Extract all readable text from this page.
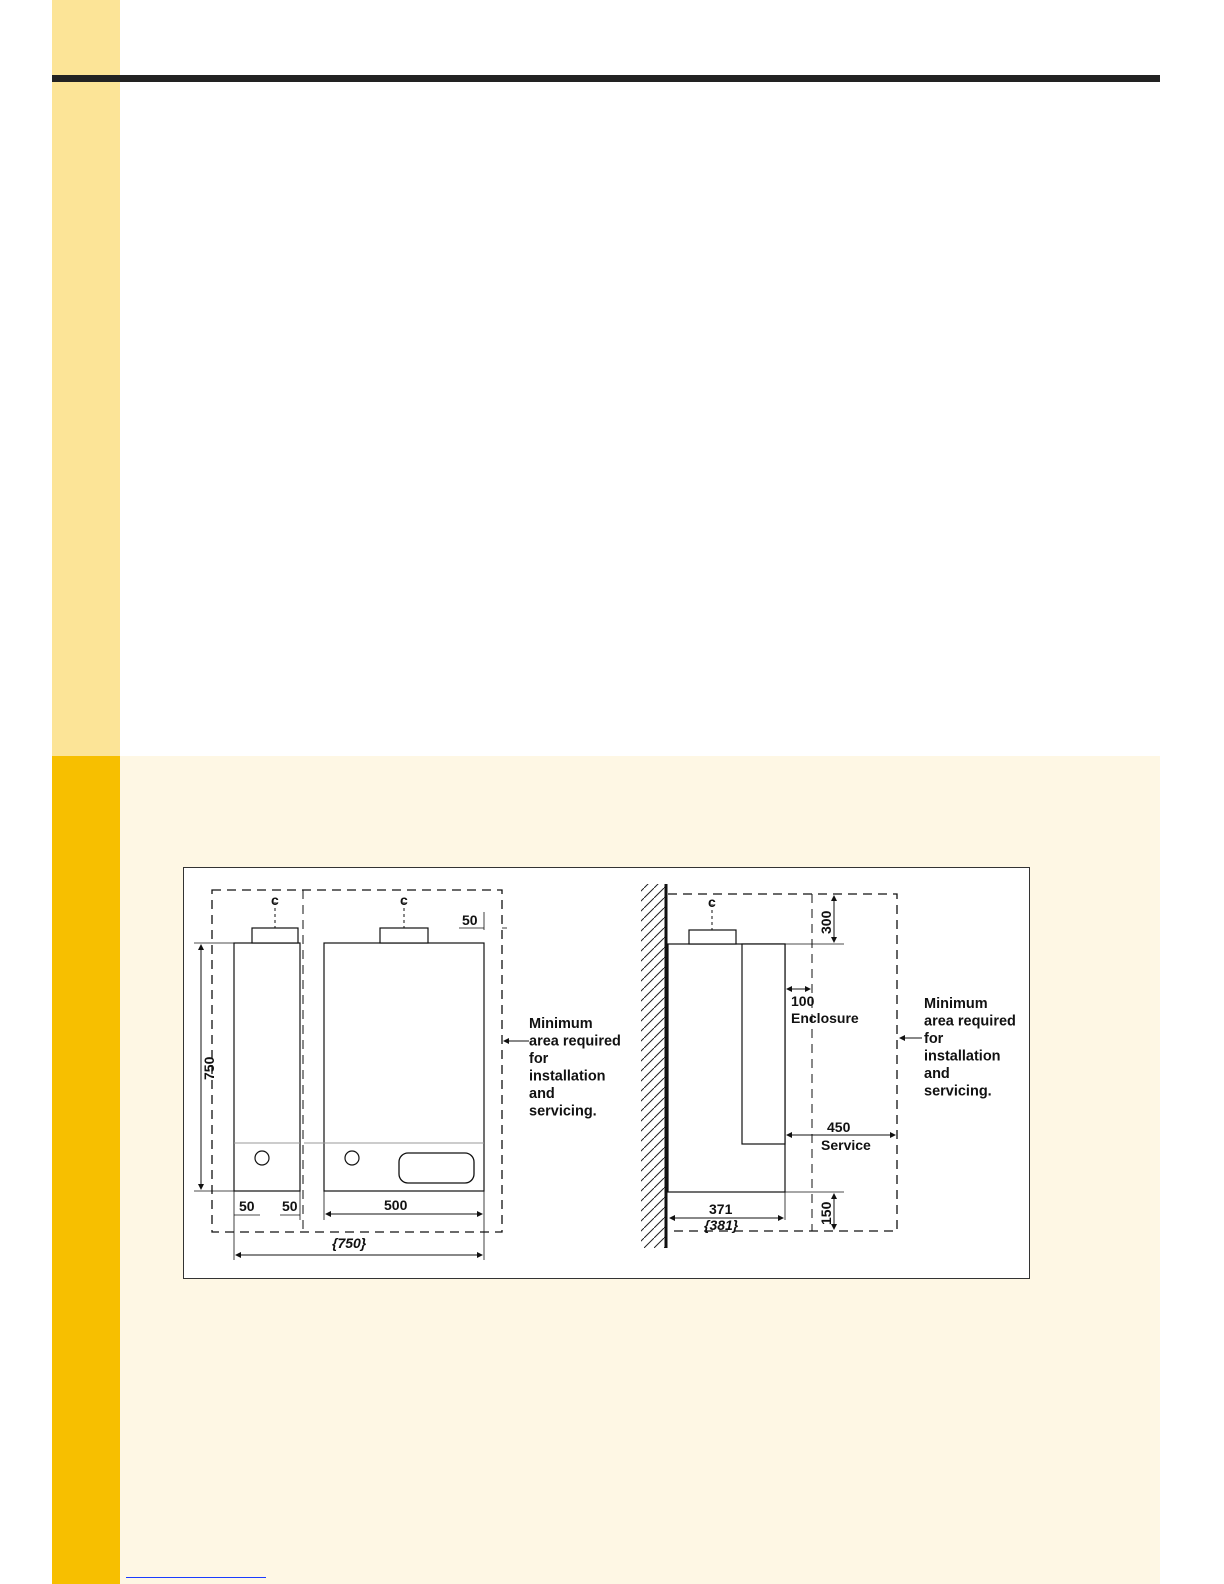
c	c
750
50
50 50	500
{750}
Minimum area required for installation and servicing.
c
300
100
Enclosure
450
Service
371
{381}	150
Minimum area required for installation and servicing.
